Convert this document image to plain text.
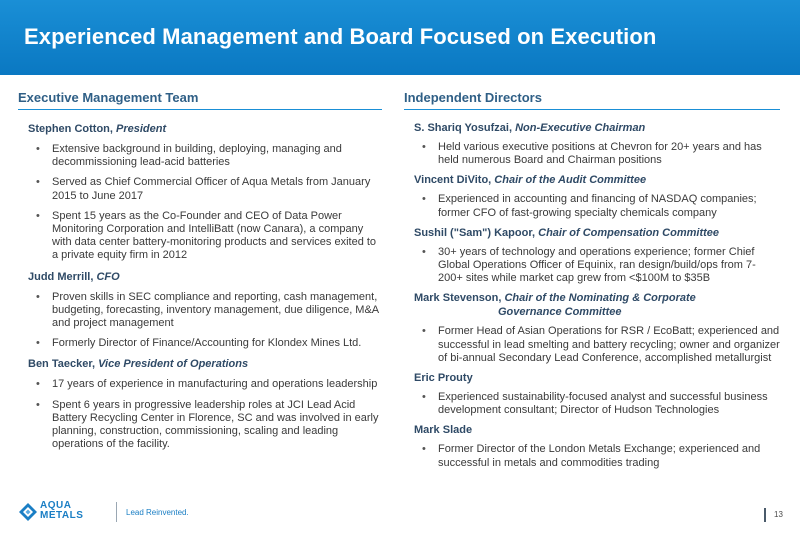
Experienced Management and Board Focused on Execution
Executive Management Team
Stephen Cotton, President
• Extensive background in building, deploying, managing and decommissioning lead-acid batteries
• Served as Chief Commercial Officer of Aqua Metals from January 2015 to June 2017
• Spent 15 years as the Co-Founder and CEO of Data Power Monitoring Corporation and IntelliBatt (now Canara), a company with data center battery-monitoring products and services exited to a private equity firm in 2012
Judd Merrill, CFO
• Proven skills in SEC compliance and reporting, cash management, budgeting, forecasting, inventory management, due diligence, M&A and project management
• Formerly Director of Finance/Accounting for Klondex Mines Ltd.
Ben Taecker, Vice President of Operations
• 17 years of experience in manufacturing and operations leadership
• Spent 6 years in progressive leadership roles at JCI Lead Acid Battery Recycling Center in Florence, SC and was involved in early planning, construction, commissioning, scaling and leading operations of the facility.
Independent Directors
S. Shariq Yosufzai, Non-Executive Chairman
• Held various executive positions at Chevron for 20+ years and has held numerous Board and Chairman positions
Vincent DiVito, Chair of the Audit Committee
• Experienced in accounting and financing of NASDAQ companies; former CFO of fast-growing specialty chemicals company
Sushil ("Sam") Kapoor, Chair of Compensation Committee
• 30+ years of technology and operations experience; former Chief Global Operations Officer of Equinix, ran design/build/ops from 7-200+ sites while market cap grew from <$100M to $35B
Mark Stevenson, Chair of the Nominating & Corporate
Governance Committee
• Former Head of Asian Operations for RSR / EcoBatt; experienced and successful in lead smelting and battery recycling; owner and organizer of bi-annual Secondary Lead Conference, accomplished metallurgist
Eric Prouty
• Experienced sustainability-focused analyst and successful business development consultant; Director of Hudson Technologies
Mark Slade
• Former Director of the London Metals Exchange; experienced and successful in metals and commodities trading
AQUA
METALS	Lead Reinvented.	13
